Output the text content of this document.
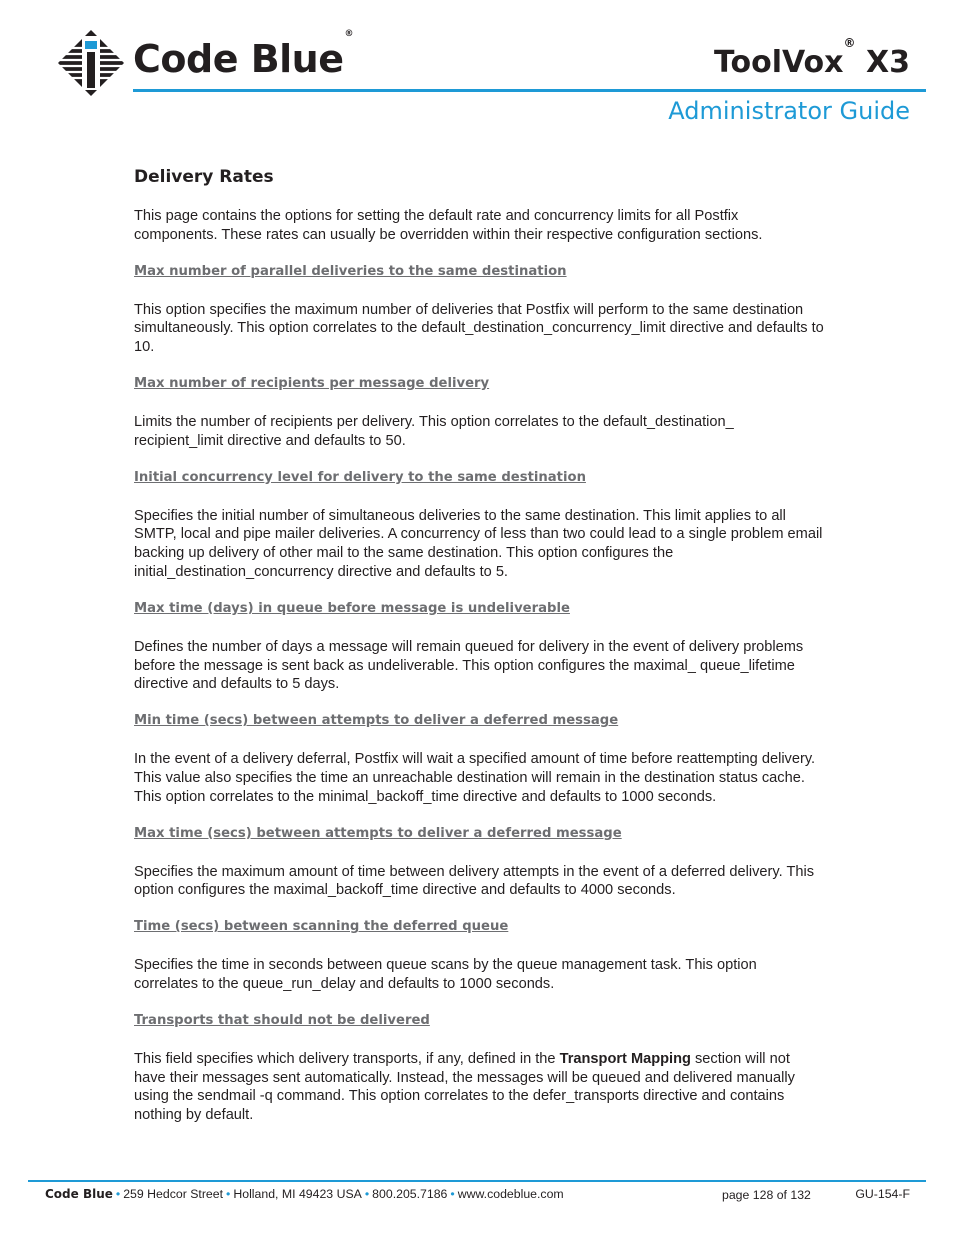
Code Blue®
ToolVox® X3
Administrator Guide
Delivery Rates

This page contains the options for setting the default rate and concurrency limits for all Postfix components. These rates can usually be overridden within their respective configuration sections.

Max number of parallel deliveries to the same destination

This option specifies the maximum number of deliveries that Postfix will perform to the same destination simultaneously. This option correlates to the default_destination_concurrency_limit directive and defaults to 10.

Max number of recipients per message delivery

Limits the number of recipients per delivery. This option correlates to the default_destination_ recipient_limit directive and defaults to 50.

Initial concurrency level for delivery to the same destination

Specifies the initial number of simultaneous deliveries to the same destination. This limit applies to all SMTP, local and pipe mailer deliveries. A concurrency of less than two could lead to a single problem email backing up delivery of other mail to the same destination. This option configures the initial_destination_concurrency directive and defaults to 5.

Max time (days) in queue before message is undeliverable

Defines the number of days a message will remain queued for delivery in the event of delivery problems before the message is sent back as undeliverable. This option configures the maximal_ queue_lifetime directive and defaults to 5 days.

Min time (secs) between attempts to deliver a deferred message

In the event of a delivery deferral, Postfix will wait a specified amount of time before reattempting delivery. This value also specifies the time an unreachable destination will remain in the destination status cache. This option correlates to the minimal_backoff_time directive and defaults to 1000 seconds.

Max time (secs) between attempts to deliver a deferred message

Specifies the maximum amount of time between delivery attempts in the event of a deferred delivery. This option configures the maximal_backoff_time directive and defaults to 4000 seconds.

Time (secs) between scanning the deferred queue

Specifies the time in seconds between queue scans by the queue management task. This option correlates to the queue_run_delay and defaults to 1000 seconds.

Transports that should not be delivered

This field specifies which delivery transports, if any, defined in the Transport Mapping section will not have their messages sent automatically. Instead, the messages will be queued and delivered manually using the sendmail -q command. This option correlates to the defer_transports directive and contains nothing by default.

Code Blue • 259 Hedcor Street • Holland, MI 49423 USA • 800.205.7186 • www.codeblue.com	page 128 of 132	GU-154-F
